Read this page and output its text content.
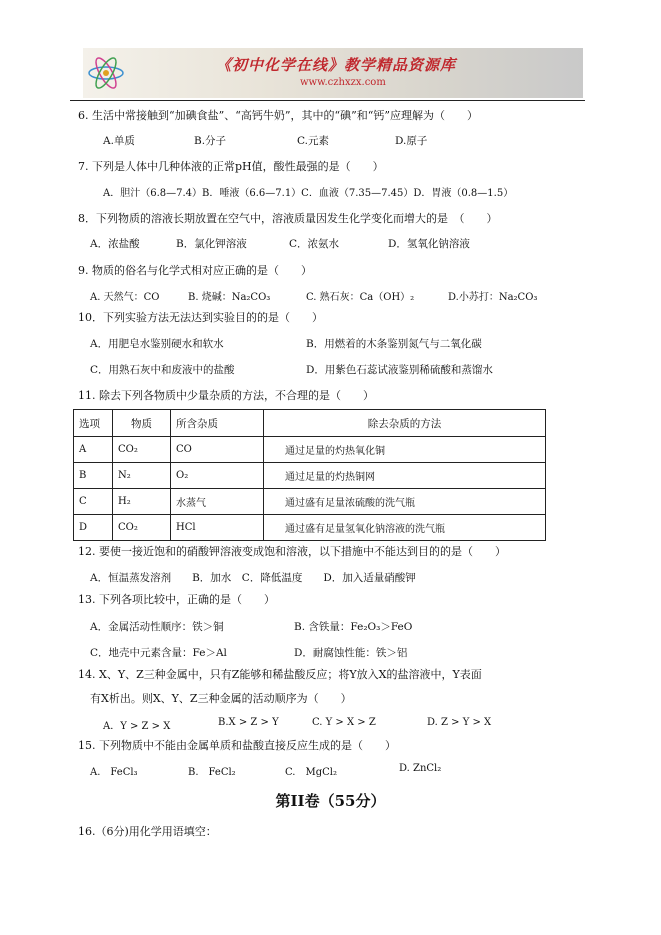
《初中化学在线》教学精品资源库
www.czhxzx.com
6. 生活中常接触到“加碘食盐”、“高钙牛奶”，其中的“碘”和“钙”应理解为（　　）
A.单质	B.分子	C.元素	D.原子
7. 下列是人体中几种体液的正常pH值，酸性最强的是（　　）
A．胆汁（6.8—7.4）B．唾液（6.6—7.1）C．血液（7.35—7.45）D．胃液（0.8—1.5）
8．下列物质的溶液长期放置在空气中，溶液质量因发生化学变化而增大的是　（　　）
A．浓盐酸	B．氯化钾溶液	C．浓氨水	D．氢氧化钠溶液
9. 物质的俗名与化学式相对应正确的是（　　）
A. 天然气：CO	B. 烧碱：Na₂CO₃	C. 熟石灰：Ca（OH）₂	D.小苏打：Na₂CO₃
10．下列实验方法无法达到实验目的的是（　　）
A．用肥皂水鉴别硬水和软水	B．用燃着的木条鉴别氮气与二氧化碳
C．用熟石灰中和废液中的盐酸	D．用紫色石蕊试液鉴别稀硫酸和蒸馏水
11. 除去下列各物质中少量杂质的方法，不合理的是（　　）
选项	物质	所含杂质	除去杂质的方法
A	CO₂	CO	通过足量的灼热氧化铜
B	N₂	O₂	通过足量的灼热铜网
C	H₂	水蒸气	通过盛有足量浓硫酸的洗气瓶
D	CO₂	HCl	通过盛有足量氢氧化钠溶液的洗气瓶
12. 要使一接近饱和的硝酸钾溶液变成饱和溶液，以下措施中不能达到目的的是（　　）
A．恒温蒸发溶剂　　B．加水　C．降低温度　　D．加入适量硝酸钾
13. 下列各项比较中，正确的是（　　）
A．金属活动性顺序：铁＞铜	B. 含铁量：Fe₂O₃＞FeO
C．地壳中元素含量：Fe＞Al	D．耐腐蚀性能：铁＞铝
14. X、Y、Z三种金属中，只有Z能够和稀盐酸反应；将Y放入X的盐溶液中，Y表面
有X析出。则X、Y、Z三种金属的活动顺序为（　　）
A．Y > Z > X	B.X > Z > Y	C. Y > X > Z	D. Z > Y > X
15. 下列物质中不能由金属单质和盐酸直接反应生成的是（　　）
A.　FeCl₃	B.　FeCl₂	C.　MgCl₂	D. ZnCl₂
第II卷（55分）
16.（6分)用化学用语填空：
